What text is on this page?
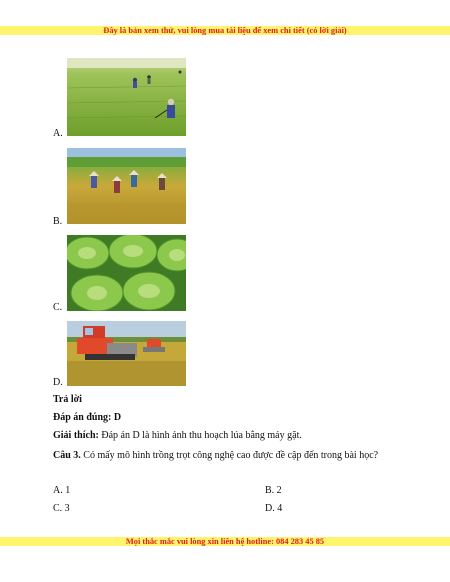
Đây là bản xem thử, vui lòng mua tài liệu để xem chi tiết (có lời giải)
A.
B.
C.
D.
Trả lời
Đáp án đúng: D
Giải thích: Đáp án D là hình ảnh thu hoạch lúa bằng máy gặt.
Câu 3. Có mấy mô hình trồng trọt công nghệ cao được đề cập đến trong bài học?
A. 1	B. 2
C. 3	D. 4
Mọi thắc mắc vui lòng xin liên hệ hotline: 084 283 45 85
